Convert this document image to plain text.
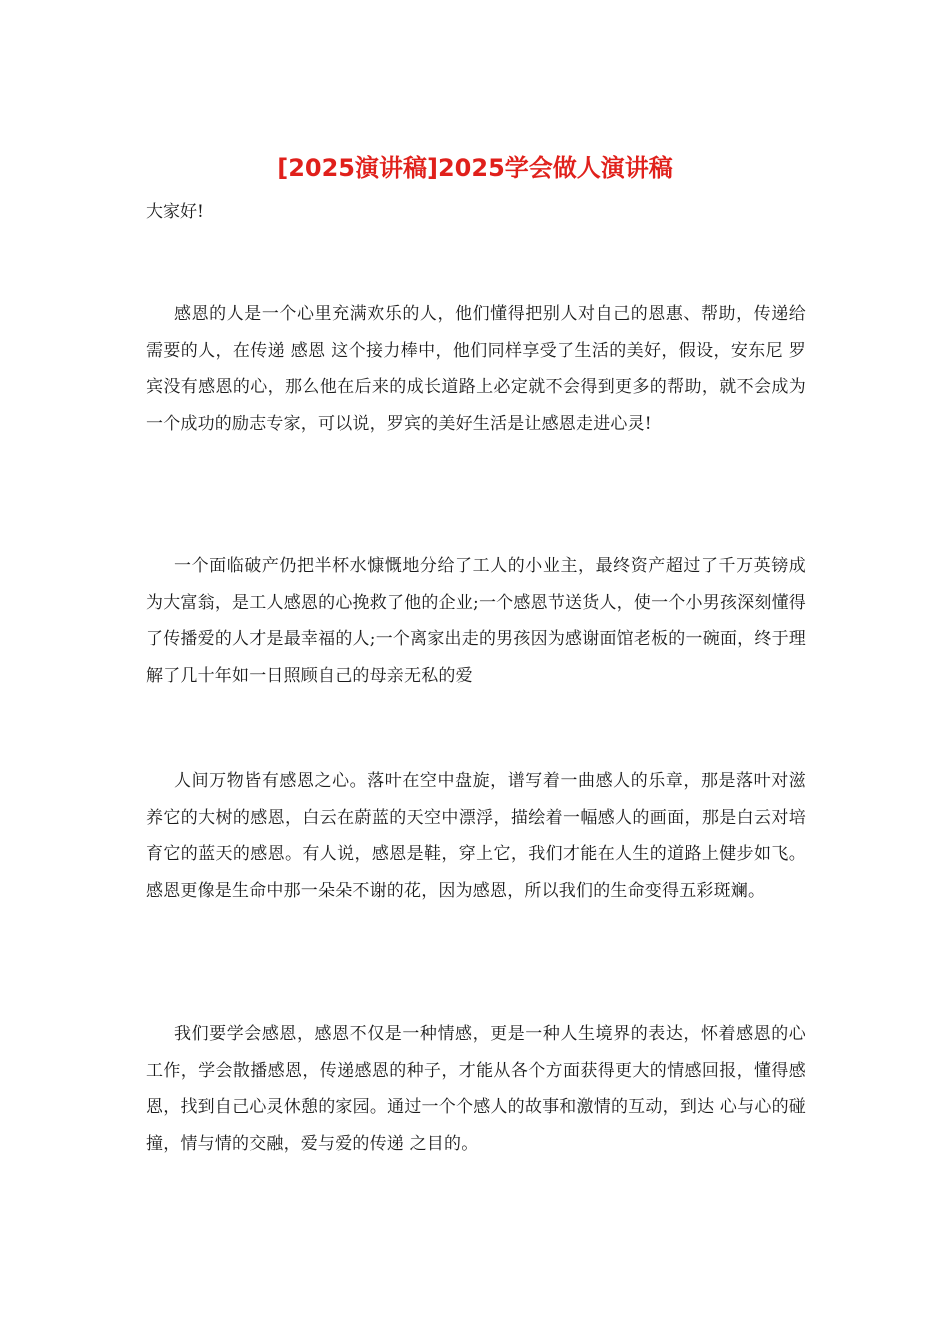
[2025演讲稿]2025学会做人演讲稿

大家好!

感恩的人是一个心里充满欢乐的人，他们懂得把别人对自己的恩惠、帮助，传递给需要的人，在传递 感恩 这个接力棒中，他们同样享受了生活的美好，假设，安东尼 罗宾没有感恩的心，那么他在后来的成长道路上必定就不会得到更多的帮助，就不会成为一个成功的励志专家，可以说，罗宾的美好生活是让感恩走进心灵!

一个面临破产仍把半杯水慷慨地分给了工人的小业主，最终资产超过了千万英镑成为大富翁，是工人感恩的心挽救了他的企业;一个感恩节送货人，使一个小男孩深刻懂得了传播爱的人才是最幸福的人;一个离家出走的男孩因为感谢面馆老板的一碗面，终于理解了几十年如一日照顾自己的母亲无私的爱

人间万物皆有感恩之心。落叶在空中盘旋，谱写着一曲感人的乐章，那是落叶对滋养它的大树的感恩，白云在蔚蓝的天空中漂浮，描绘着一幅感人的画面，那是白云对培育它的蓝天的感恩。有人说，感恩是鞋，穿上它，我们才能在人生的道路上健步如飞。感恩更像是生命中那一朵朵不谢的花，因为感恩，所以我们的生命变得五彩斑斓。

我们要学会感恩，感恩不仅是一种情感，更是一种人生境界的表达，怀着感恩的心工作，学会散播感恩，传递感恩的种子，才能从各个方面获得更大的情感回报，懂得感恩，找到自己心灵休憩的家园。通过一个个感人的故事和激情的互动，到达 心与心的碰撞，情与情的交融，爱与爱的传递 之目的。
